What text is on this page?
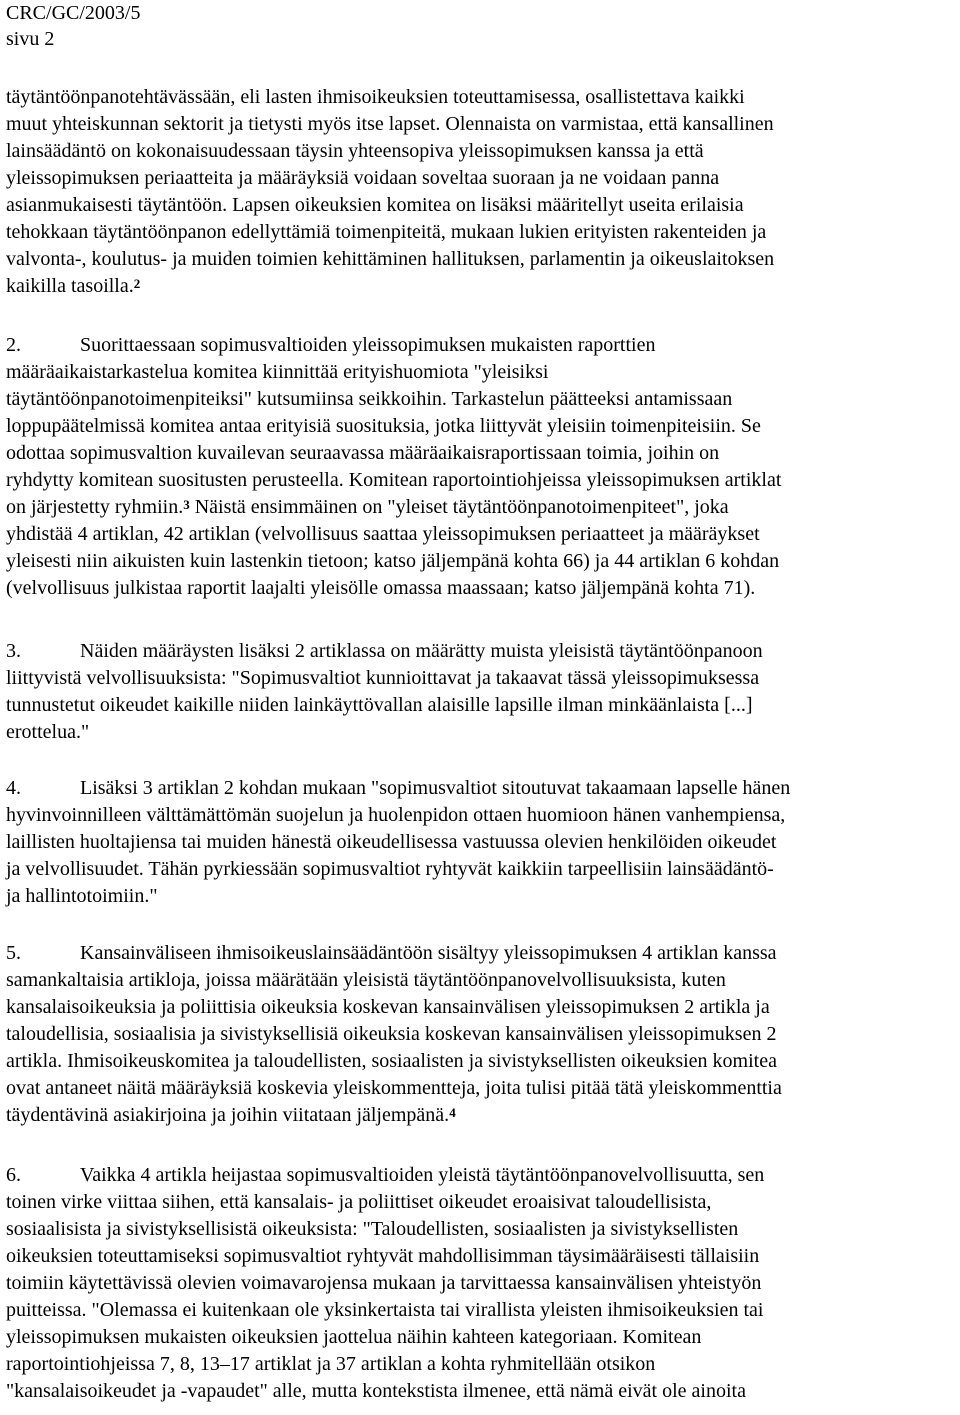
CRC/GC/2003/5
sivu 2
täytäntöönpanotehtävässään, eli lasten ihmisoikeuksien toteuttamisessa, osallistettava kaikki
muut yhteiskunnan sektorit ja tietysti myös itse lapset. Olennaista on varmistaa, että kansallinen
lainsäädäntö on kokonaisuudessaan täysin yhteensopiva yleissopimuksen kanssa ja että
yleissopimuksen periaatteita ja määräyksiä voidaan soveltaa suoraan ja ne voidaan panna
asianmukaisesti täytäntöön. Lapsen oikeuksien komitea on lisäksi määritellyt useita erilaisia
tehokkaan täytäntöönpanon edellyttämiä toimenpiteitä, mukaan lukien erityisten rakenteiden ja
valvonta-, koulutus- ja muiden toimien kehittäminen hallituksen, parlamentin ja oikeuslaitoksen
kaikilla tasoilla.$^2$
2.	Suorittaessaan sopimusvaltioiden yleissopimuksen mukaisten raporttien
määräaikaistarkastelua komitea kiinnittää erityishuomiota "yleisiksi
täytäntöönpanotoimenpiteiksi" kutsumiinsa seikkoihin. Tarkastelun päätteeksi antamissaan
loppupäätelmissä komitea antaa erityisiä suosituksia, jotka liittyvät yleisiin toimenpiteisiin. Se
odottaa sopimusvaltion kuvailevan seuraavassa määräaikaisraportissaan toimia, joihin on
ryhdytty komitean suositusten perusteella. Komitean raportointiohjeissa yleissopimuksen artiklat
on järjestetty ryhmiin.$^3$ Näistä ensimmäinen on "yleiset täytäntöönpanotoimenpiteet", joka
yhdistää 4 artiklan, 42 artiklan (velvollisuus saattaa yleissopimuksen periaatteet ja määräykset
yleisesti niin aikuisten kuin lastenkin tietoon; katso jäljempänä kohta 66) ja 44 artiklan 6 kohdan
(velvollisuus julkistaa raportit laajalti yleisölle omassa maassaan; katso jäljempänä kohta 71).
3.	Näiden määräysten lisäksi 2 artiklassa on määrätty muista yleisistä täytäntöönpanoon
liittyvistä velvollisuuksista: "Sopimusvaltiot kunnioittavat ja takaavat tässä yleissopimuksessa
tunnustetut oikeudet kaikille niiden lainkäyttövallan alaisille lapsille ilman minkäänlaista [...]
erottelua."
4.	Lisäksi 3 artiklan 2 kohdan mukaan "sopimusvaltiot sitoutuvat takaamaan lapselle hänen
hyvinvoinnilleen välttämättömän suojelun ja huolenpidon ottaen huomioon hänen vanhempiensa,
laillisten huoltajiensa tai muiden hänestä oikeudellisessa vastuussa olevien henkilöiden oikeudet
ja velvollisuudet. Tähän pyrkiessään sopimusvaltiot ryhtyvät kaikkiin tarpeellisiin lainsäädäntö-
ja hallintotoimiin."
5.	Kansainväliseen ihmisoikeuslainsäädäntöön sisältyy yleissopimuksen 4 artiklan kanssa
samankaltaisia artikloja, joissa määrätään yleisistä täytäntöönpanovelvollisuuksista, kuten
kansalaisoikeuksia ja poliittisia oikeuksia koskevan kansainvälisen yleissopimuksen 2 artikla ja
taloudellisia, sosiaalisia ja sivistyksellisiä oikeuksia koskevan kansainvälisen yleissopimuksen 2
artikla. Ihmisoikeuskomitea ja taloudellisten, sosiaalisten ja sivistyksellisten oikeuksien komitea
ovat antaneet näitä määräyksiä koskevia yleiskommentteja, joita tulisi pitää tätä yleiskommenttia
täydentävinä asiakirjoina ja joihin viitataan jäljempänä.$^4$
6.	Vaikka 4 artikla heijastaa sopimusvaltioiden yleistä täytäntöönpanovelvollisuutta, sen
toinen virke viittaa siihen, että kansalais- ja poliittiset oikeudet eroaisivat taloudellisista,
sosiaalisista ja sivistyksellisistä oikeuksista: "Taloudellisten, sosiaalisten ja sivistyksellisten
oikeuksien toteuttamiseksi sopimusvaltiot ryhtyvät mahdollisimman täysimääräisesti tällaisiin
toimiin käytettävissä olevien voimavarojensa mukaan ja tarvittaessa kansainvälisen yhteistyön
puitteissa. "Olemassa ei kuitenkaan ole yksinkertaista tai virallista yleisten ihmisoikeuksien tai
yleissopimuksen mukaisten oikeuksien jaottelua näihin kahteen kategoriaan. Komitean
raportointiohjeissa 7, 8, 13–17 artiklat ja 37 artiklan a kohta ryhmitellään otsikon
"kansalaisoikeudet ja -vapaudet" alle, mutta kontekstista ilmenee, että nämä eivät ole ainoita
